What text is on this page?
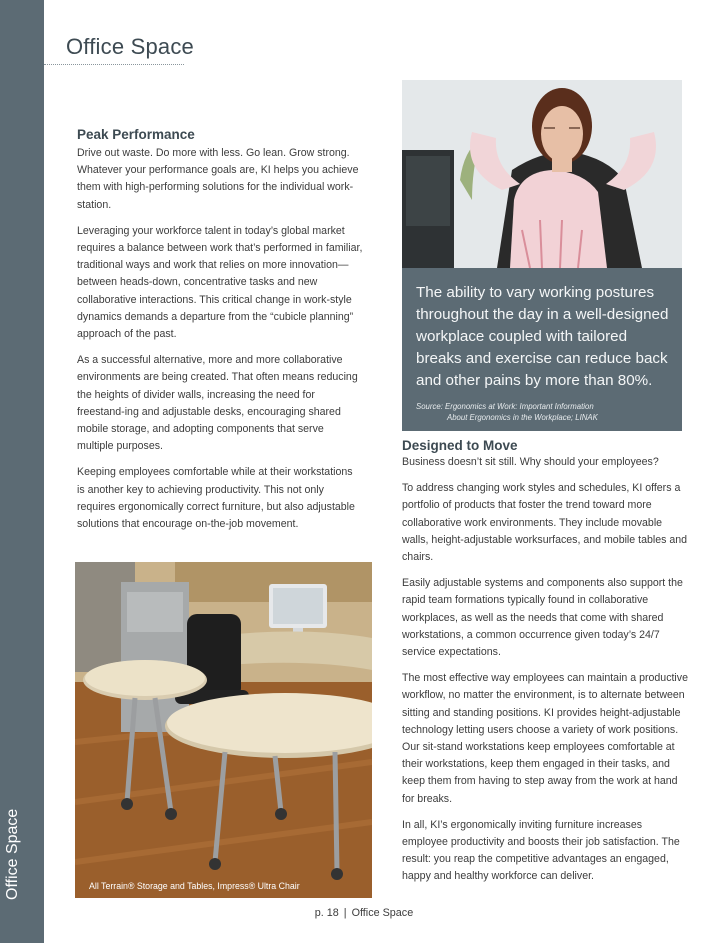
Office Space
Office Space
Peak Performance

Drive out waste. Do more with less. Go lean. Grow strong. Whatever your performance goals are, KI helps you achieve them with high-performing solutions for the individual work-station.

Leveraging your workforce talent in today’s global market requires a balance between work that’s performed in familiar, traditional ways and work that relies on more innovation—between heads-down, concentrative tasks and new collaborative interactions. This critical change in work-style dynamics demands a departure from the “cubicle planning” approach of the past.

As a successful alternative, more and more collaborative environments are being created. That often means reducing the heights of divider walls, increasing the need for freestand-ing and adjustable desks, encouraging shared mobile storage, and adopting components that serve multiple purposes.

Keeping employees comfortable while at their workstations is another key to achieving productivity. This not only requires ergonomically correct furniture, but also adjustable solutions that encourage on-the-job movement.

The ability to vary working postures throughout the day in a well-designed workplace coupled with tailored breaks and exercise can reduce back and other pains by more than 80%.

Source: Ergonomics at Work: Important Information
About Ergonomics in the Workplace; LINAK
Designed to Move

Business doesn’t sit still. Why should your employees?

To address changing work styles and schedules, KI offers a portfolio of products that foster the trend toward more collaborative work environments. They include movable walls, height-adjustable worksurfaces, and mobile tables and chairs.

Easily adjustable systems and components also support the rapid team formations typically found in collaborative workplaces, as well as the needs that come with shared workstations, a common occurrence given today’s 24/7 service expectations.

The most effective way employees can maintain a productive workflow, no matter the environment, is to alternate between sitting and standing positions. KI provides height-adjustable technology letting users choose a variety of work positions. Our sit-stand workstations keep employees comfortable at their workstations, keep them engaged in their tasks, and keep them from having to step away from the work at hand for breaks.

In all, KI’s ergonomically inviting furniture increases employee productivity and boosts their job satisfaction. The result: you reap the competitive advantages an engaged, happy and healthy workforce can deliver.

All Terrain® Storage and Tables, Impress® Ultra Chair
p. 18 | Office Space
